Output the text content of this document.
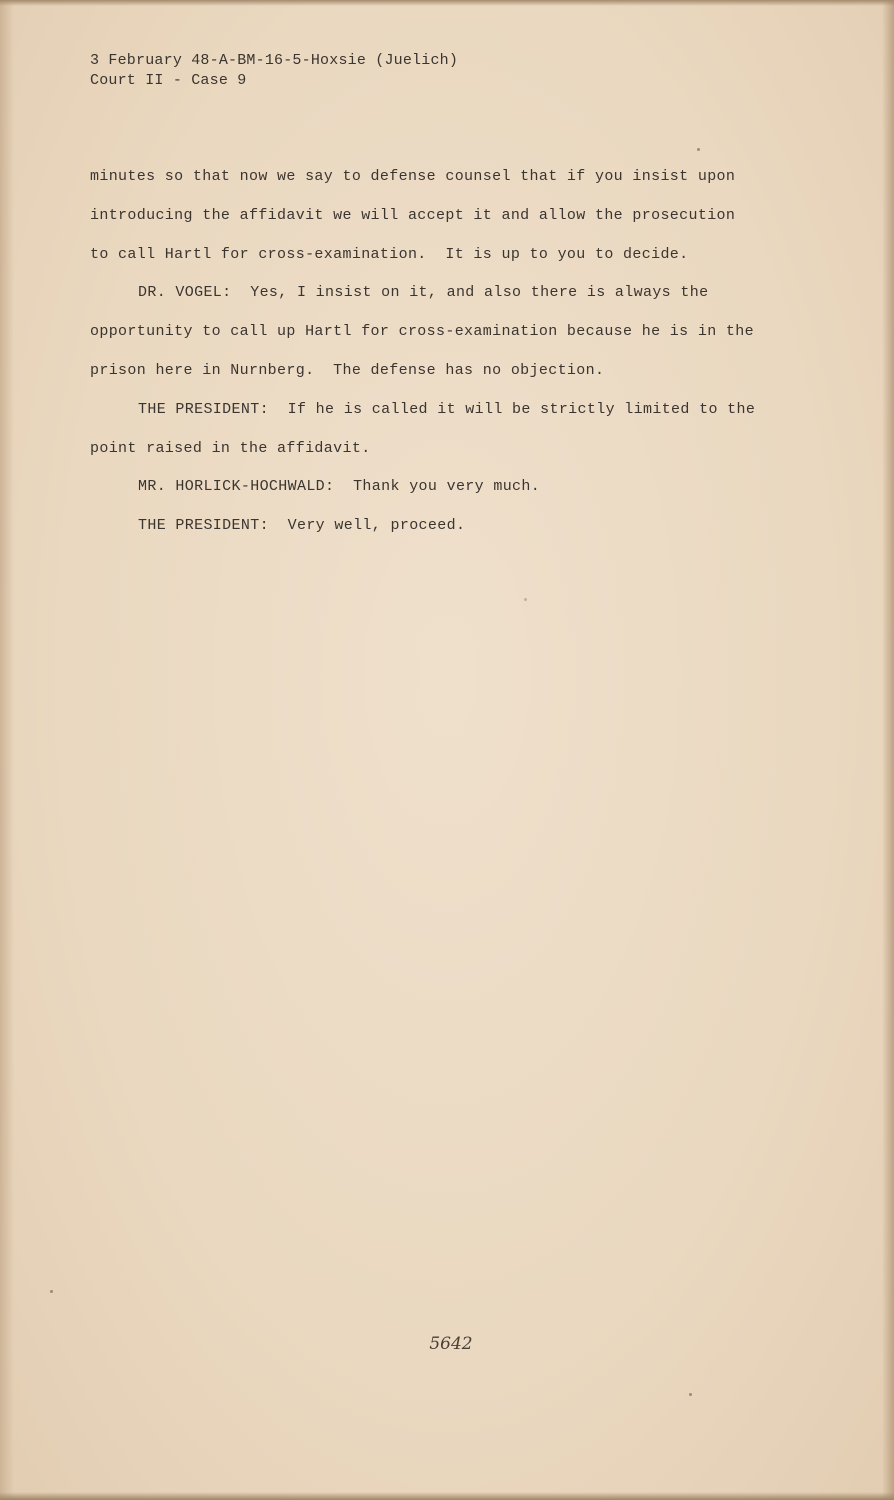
3 February 48-A-BM-16-5-Hoxsie (Juelich)
Court II - Case 9
minutes so that now we say to defense counsel that if you insist upon
introducing the affidavit we will accept it and allow the prosecution
to call Hartl for cross-examination.  It is up to you to decide.
DR. VOGEL:  Yes, I insist on it, and also there is always the
opportunity to call up Hartl for cross-examination because he is in the
prison here in Nurnberg.  The defense has no objection.
THE PRESIDENT:  If he is called it will be strictly limited to the
point raised in the affidavit.
MR. HORLICK-HOCHWALD:  Thank you very much.
THE PRESIDENT:  Very well, proceed.
5642
